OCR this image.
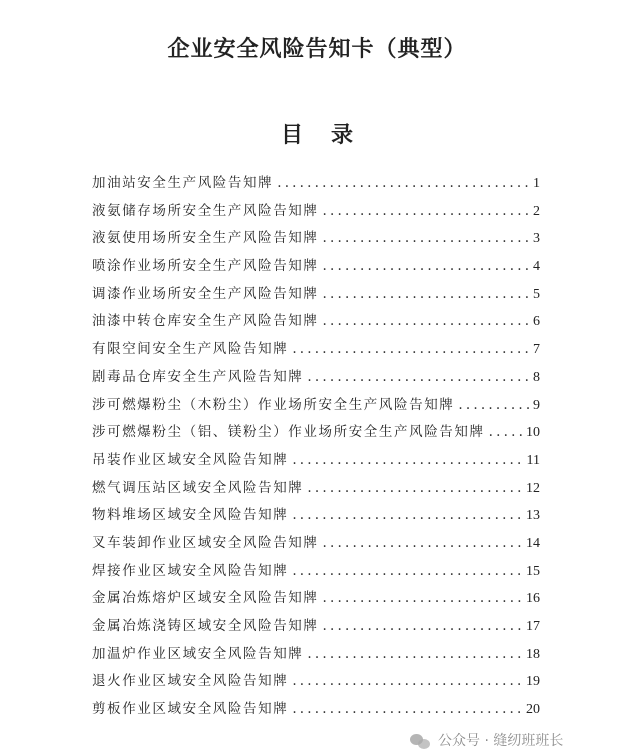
企业安全风险告知卡（典型）
目 录
加油站安全生产风险告知牌 .....	1
液氨储存场所安全生产风险告知牌 .....	2
液氨使用场所安全生产风险告知牌 .....	3
喷涂作业场所安全生产风险告知牌 .....	4
调漆作业场所安全生产风险告知牌 .....	5
油漆中转仓库安全生产风险告知牌 .....	6
有限空间安全生产风险告知牌 .....	7
剧毒品仓库安全生产风险告知牌 .....	8
涉可燃爆粉尘（木粉尘）作业场所安全生产风险告知牌 .....	9
涉可燃爆粉尘（铝、镁粉尘）作业场所安全生产风险告知牌 .....	10
吊装作业区域安全风险告知牌 .....	11
燃气调压站区域安全风险告知牌 .....	12
物料堆场区域安全风险告知牌 .....	13
叉车装卸作业区域安全风险告知牌 .....	14
焊接作业区域安全风险告知牌 .....	15
金属冶炼熔炉区域安全风险告知牌 .....	16
金属冶炼浇铸区域安全风险告知牌 .....	17
加温炉作业区域安全风险告知牌 .....	18
退火作业区域安全风险告知牌 .....	19
剪板作业区域安全风险告知牌 .....	20
公众号 · 缝纫班班长
